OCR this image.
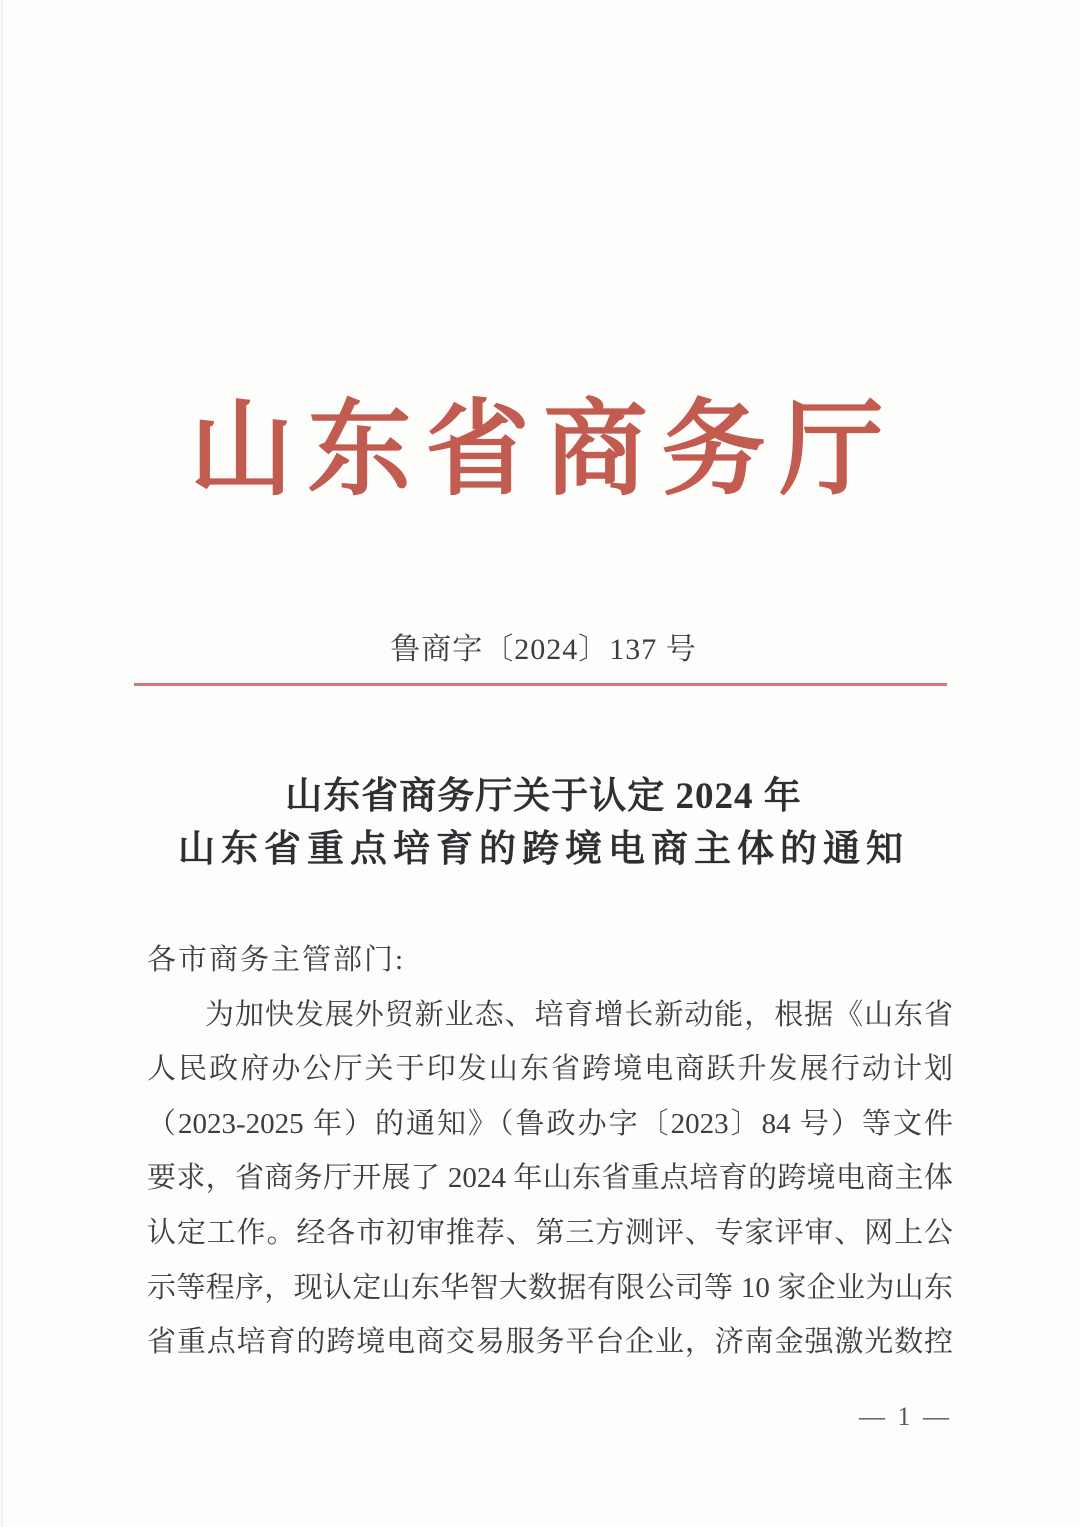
山东省商务厅
鲁商字〔2024〕137 号
山东省商务厅关于认定 2024 年
山东省重点培育的跨境电商主体的通知
各市商务主管部门:
为加快发展外贸新业态、培育增长新动能，根据《山东省
人民政府办公厅关于印发山东省跨境电商跃升发展行动计划
（2023-2025 年）的通知》（鲁政办字〔2023〕84 号）等文件
要求，省商务厅开展了 2024 年山东省重点培育的跨境电商主体
认定工作。经各市初审推荐、第三方测评、专家评审、网上公
示等程序，现认定山东华智大数据有限公司等 10 家企业为山东
省重点培育的跨境电商交易服务平台企业，济南金强激光数控
— 1 —
